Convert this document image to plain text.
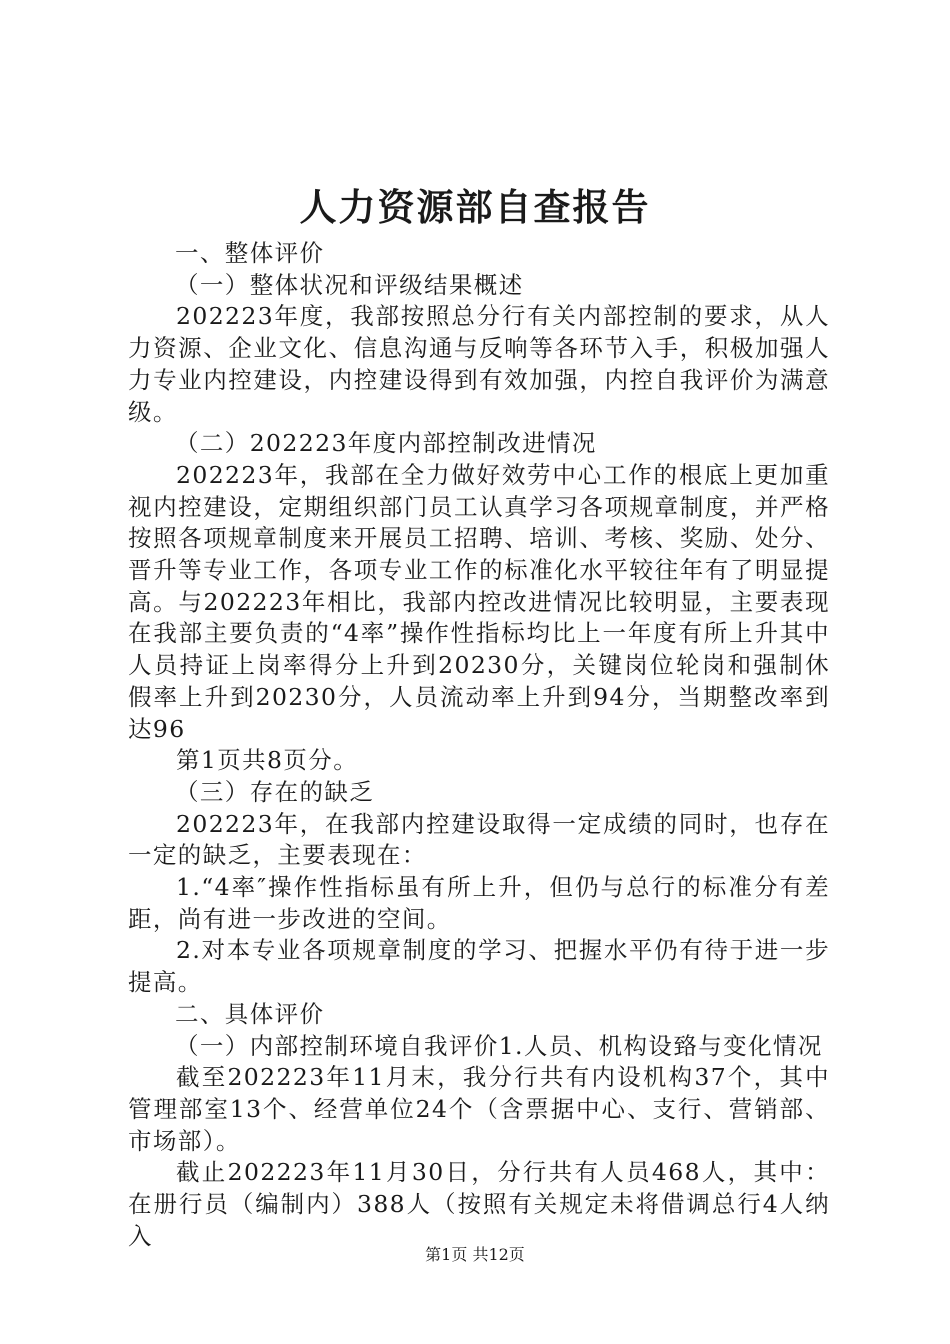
人力资源部自查报告

一、整体评价

（一）整体状况和评级结果概述

202223年度，我部按照总分行有关内部控制的要求，从人力资源、企业文化、信息沟通与反响等各环节入手，积极加强人力专业内控建设，内控建设得到有效加强，内控自我评价为满意级。

（二）202223年度内部控制改进情况

202223年，我部在全力做好效劳中心工作的根底上更加重视内控建设，定期组织部门员工认真学习各项规章制度，并严格按照各项规章制度来开展员工招聘、培训、考核、奖励、处分、晋升等专业工作，各项专业工作的标准化水平较往年有了明显提高。与202223年相比，我部内控改进情况比较明显，主要表现在我部主要负责的“4率”操作性指标均比上一年度有所上升其中人员持证上岗率得分上升到20230分，关键岗位轮岗和强制休假率上升到20230分，人员流动率上升到94分，当期整改率到达96

第1页共8页分。

（三）存在的缺乏

202223年，在我部内控建设取得一定成绩的同时，也存在一定的缺乏，主要表现在：

1.“4率″操作性指标虽有所上升，但仍与总行的标准分有差距，尚有进一步改进的空间。

2.对本专业各项规章制度的学习、把握水平仍有待于进一步提高。

二、具体评价

（一）内部控制环境自我评价1.人员、机构设臵与变化情况

截至202223年11月末，我分行共有内设机构37个，其中管理部室13个、经营单位24个（含票据中心、支行、营销部、市场部）。

截止202223年11月30日，分行共有人员468人，其中：在册行员（编制内）388人（按照有关规定未将借调总行4人纳入

第1页 共12页
